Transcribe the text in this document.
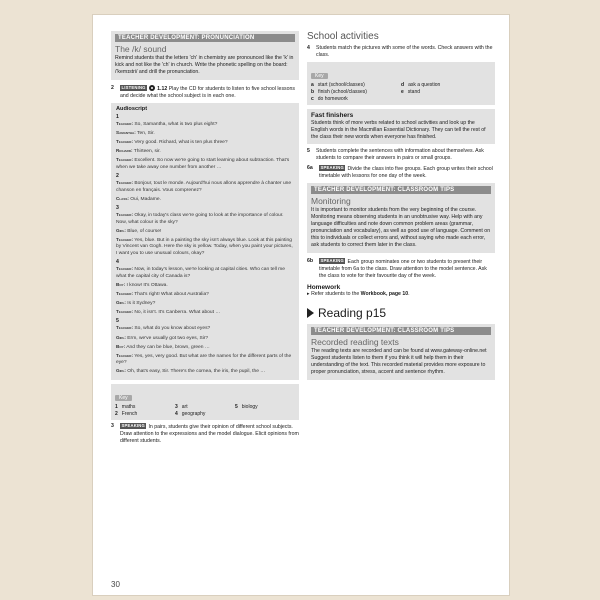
TEACHER DEVELOPMENT: PRONUNCIATION
The /k/ sound
Remind students that the letters 'ch' in chemistry are pronounced like the 'k' in kick and not like the 'ch' in church. Write the phonetic spelling on the board: /'kemɪstri/ and drill the pronunciation.
2	LISTENING 1.12 Play the CD for students to listen to five school lessons and decide what the school subject is in each one.
Audioscript
1
Teacher: So, Samantha, what is two plus eight?
Samantha: Ten, Sir.
Teacher: Very good. Richard, what is ten plus three?
Richard: Thirteen, sir.
Teacher: Excellent. So now we're going to start learning about subtraction. That's when we take away one number from another …
2
Teacher: Bonjour, tout le monde. Aujourd'hui nous allons apprendre à chanter une chanson en français. Vous comprenez?
Class: Oui, Madame.
3
Teacher: Okay, in today's class we're going to look at the importance of colour. Now, what colour is the sky?
Girl: Blue, of course!
Teacher: Yes, blue. But in a painting the sky isn't always blue. Look at this painting by Vincent van Gogh. Here the sky is yellow. Today, when you paint your pictures, I want you to use unusual colours, okay?
4
Teacher: Now, in today's lesson, we're looking at capital cities. Who can tell me what the capital city of Canada is?
Boy: I know! It's Ottawa.
Teacher: That's right! What about Australia?
Girl: Is it Sydney?
Teacher: No, it isn't. It's Canberra. What about …
5
Teacher: So, what do you know about eyes?
Girl: Erm, we've usually got two eyes, Sir?
Boy: And they can be blue, brown, green …
Teacher: Yes, yes, very good. But what are the names for the different parts of the eye?
Girl: Oh, that's easy, Sir. There's the cornea, the iris, the pupil, the …
Key
1 maths	3 art	5 biology
2 French	4 geography
3	SPEAKING In pairs, students give their opinion of different school subjects. Draw attention to the expressions and the model dialogue. Elicit opinions from different students.
School activities
4	Students match the pictures with some of the words. Check answers with the class.
Key
a start (school/classes)	d ask a question
b finish (school/classes)	e stand
c do homework
Fast finishers
Students think of more verbs related to school activities and look up the English words in the Macmillan Essential Dictionary. They can tell the rest of the class their new words when everyone has finished.
5	Students complete the sentences with information about themselves. Ask students to compare their answers in pairs or small groups.
6a	SPEAKING Divide the class into five groups. Each group writes their school timetable with lessons for one day of the week.
TEACHER DEVELOPMENT: CLASSROOM TIPS
Monitoring
It is important to monitor students from the very beginning of the course. Monitoring means observing students in an unobtrusive way. Help with any language difficulties and note down common problem areas (grammar, pronunciation and vocabulary), as well as good use of language. Comment on this to individuals or collect errors and, without saying who made each error, ask students to correct them later in the class.
6b	SPEAKING Each group nominates one or two students to present their timetable from 6a to the class. Draw attention to the model sentence. Ask the class to vote for their favourite day of the week.
Homework
▸ Refer students to the Workbook, page 10.
Reading p15
TEACHER DEVELOPMENT: CLASSROOM TIPS
Recorded reading texts
The reading texts are recorded and can be found at www.gateway-online.net Suggest students listen to them if you think it will help them in their understanding of the text. This recorded material provides more exposure to proper pronunciation, stress, accent and sentence rhythm.
30
